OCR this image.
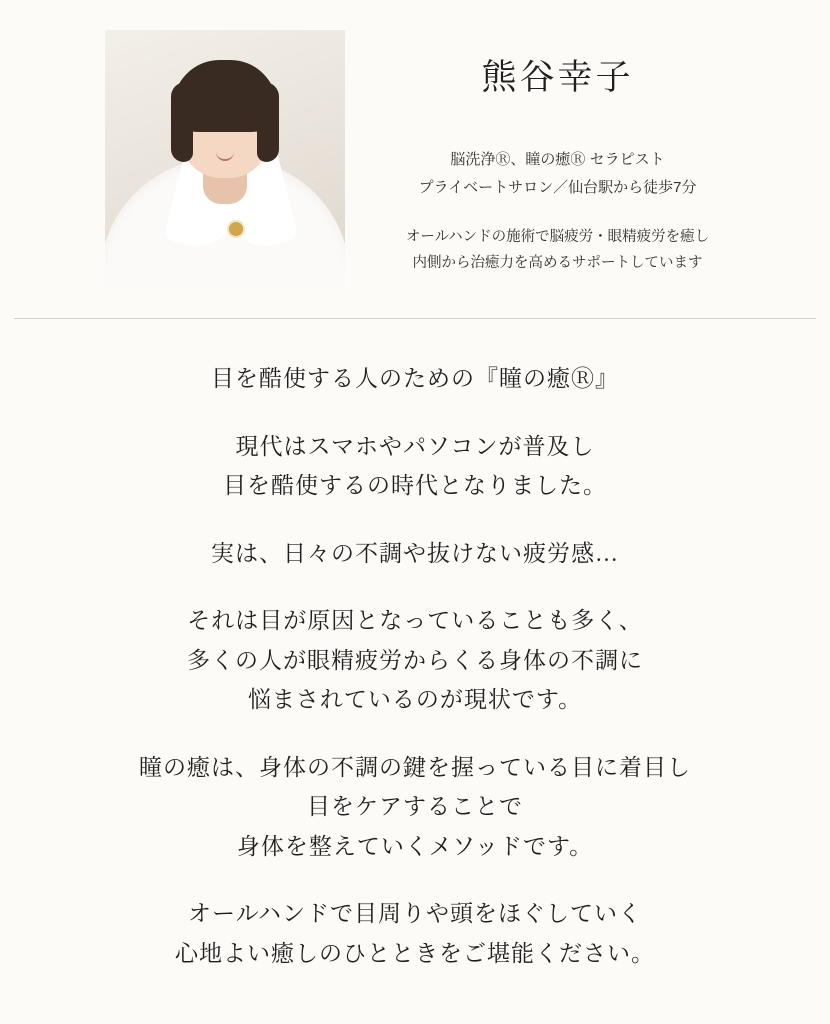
熊谷幸子
脳洗浄Ⓡ、瞳の癒Ⓡ セラピスト
プライベートサロン／仙台駅から徒歩7分
オールハンドの施術で脳疲労・眼精疲労を癒し
内側から治癒力を高めるサポートしています
目を酷使する人のための『瞳の癒Ⓡ』
現代はスマホやパソコンが普及し
目を酷使するの時代となりました。
実は、日々の不調や抜けない疲労感…
それは目が原因となっていることも多く、
多くの人が眼精疲労からくる身体の不調に
悩まされているのが現状です。
瞳の癒は、身体の不調の鍵を握っている目に着目し
目をケアすることで
身体を整えていくメソッドです。
オールハンドで目周りや頭をほぐしていく
心地よい癒しのひとときをご堪能ください。
